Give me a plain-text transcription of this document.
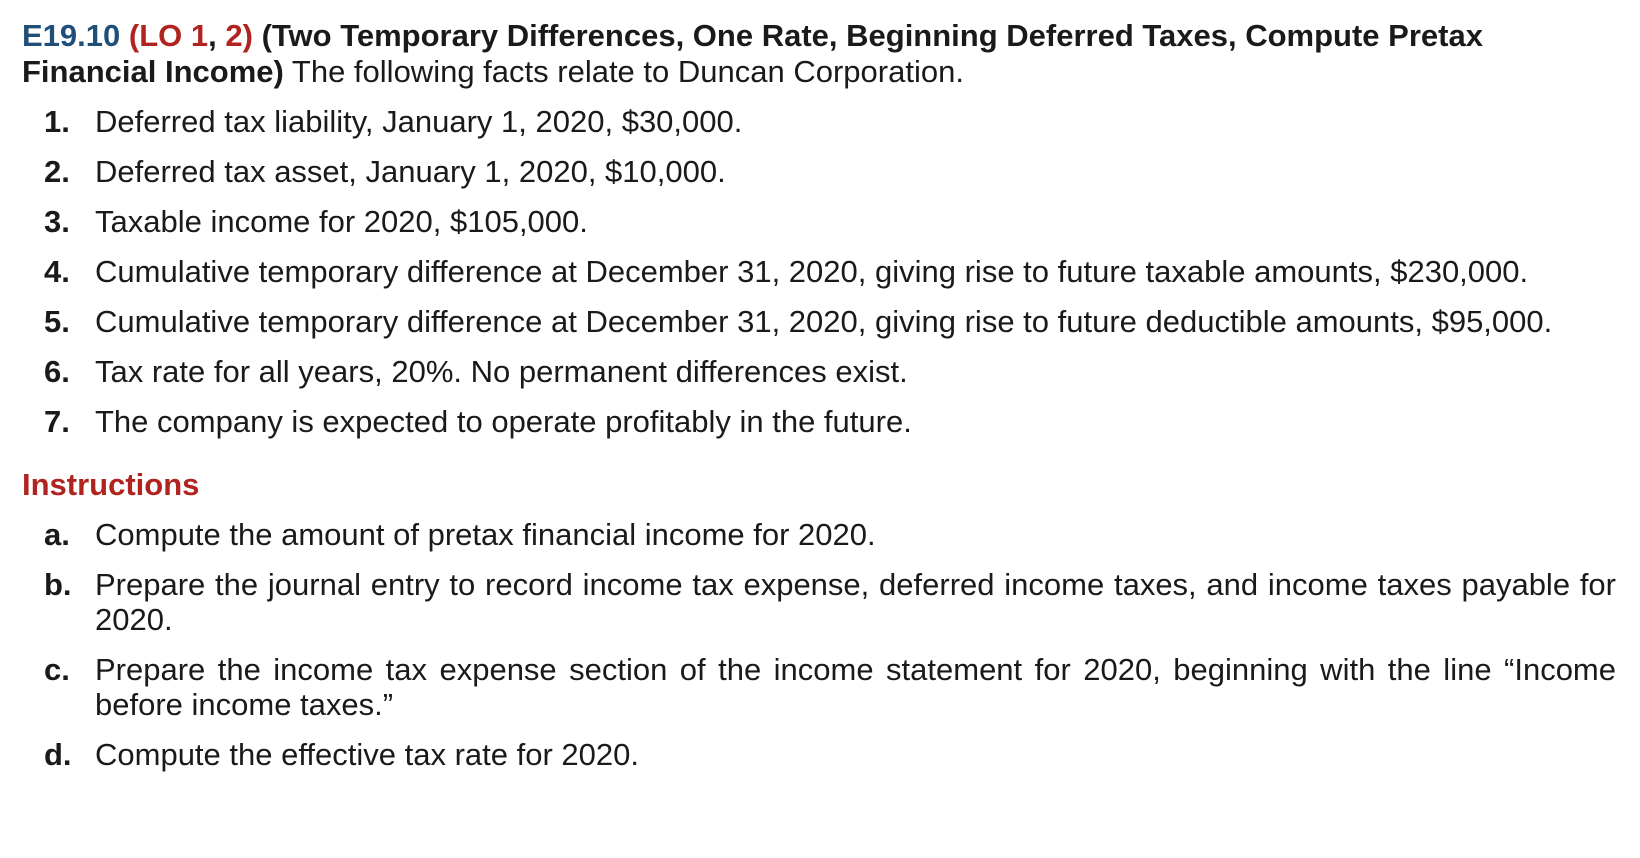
E19.10 (LO 1, 2) (Two Temporary Differences, One Rate, Beginning Deferred Taxes, Compute Pretax Financial Income) The following facts relate to Duncan Corporation.

1. Deferred tax liability, January 1, 2020, $30,000.
2. Deferred tax asset, January 1, 2020, $10,000.
3. Taxable income for 2020, $105,000.
4. Cumulative temporary difference at December 31, 2020, giving rise to future taxable amounts, $230,000.
5. Cumulative temporary difference at December 31, 2020, giving rise to future deductible amounts, $95,000.
6. Tax rate for all years, 20%. No permanent differences exist.
7. The company is expected to operate profitably in the future.
Instructions
a. Compute the amount of pretax financial income for 2020.
b. Prepare the journal entry to record income tax expense, deferred income taxes, and income taxes payable for 2020.
c. Prepare the income tax expense section of the income statement for 2020, beginning with the line “Income before income taxes.”
d. Compute the effective tax rate for 2020.
